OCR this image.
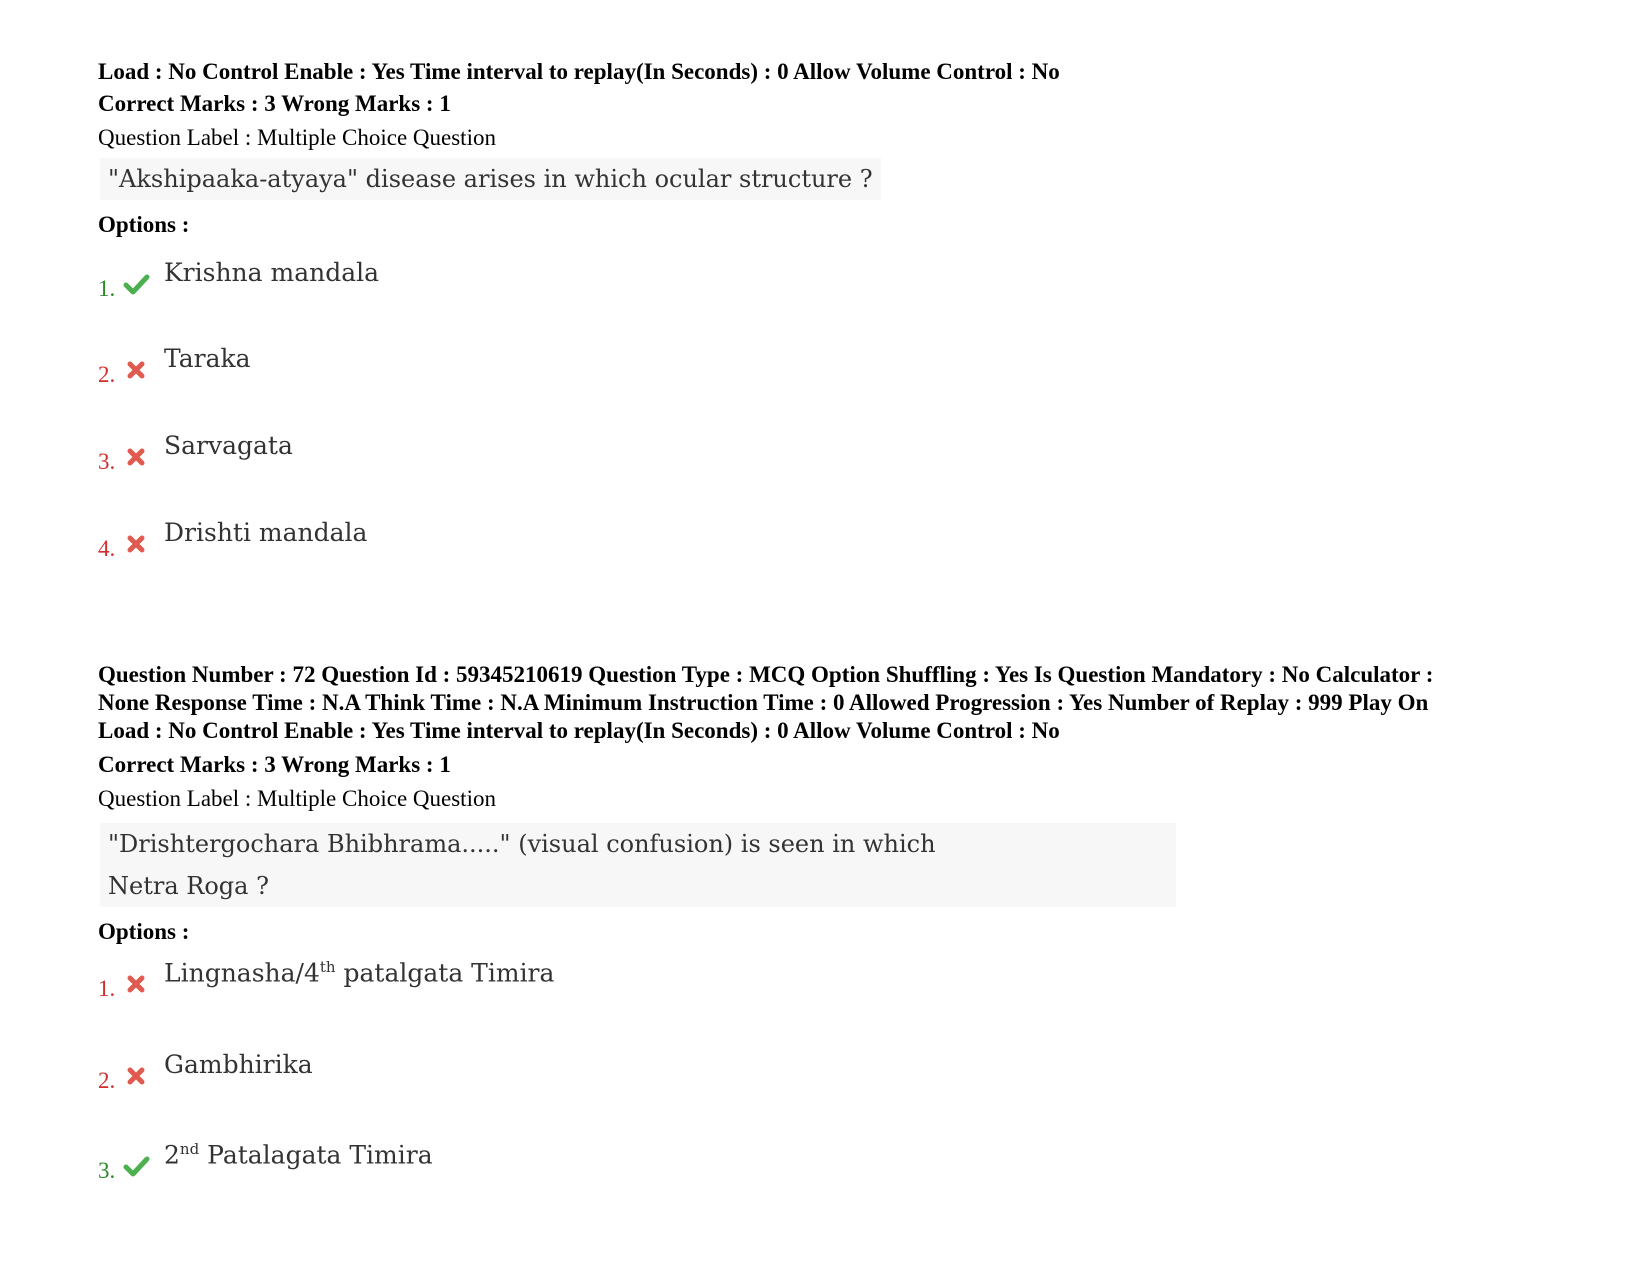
Load : No Control Enable : Yes Time interval to replay(In Seconds) : 0 Allow Volume Control : No
Correct Marks : 3 Wrong Marks : 1
Question Label : Multiple Choice Question
"Akshipaaka-atyaya" disease arises in which ocular structure ?
Options :
1.
Krishna mandala
2.
Taraka
3.
Sarvagata
4.
Drishti mandala
Question Number : 72 Question Id : 59345210619 Question Type : MCQ Option Shuffling : Yes Is Question Mandatory : No Calculator :
None Response Time : N.A Think Time : N.A Minimum Instruction Time : 0 Allowed Progression : Yes Number of Replay : 999 Play On
Load : No Control Enable : Yes Time interval to replay(In Seconds) : 0 Allow Volume Control : No
Correct Marks : 3 Wrong Marks : 1
Question Label : Multiple Choice Question
"Drishtergochara Bhibhrama....." (visual confusion) is seen in which
Netra Roga ?
Options :
1.
Lingnasha/4th patalgata Timira
2.
Gambhirika
3.
2nd Patalagata Timira
